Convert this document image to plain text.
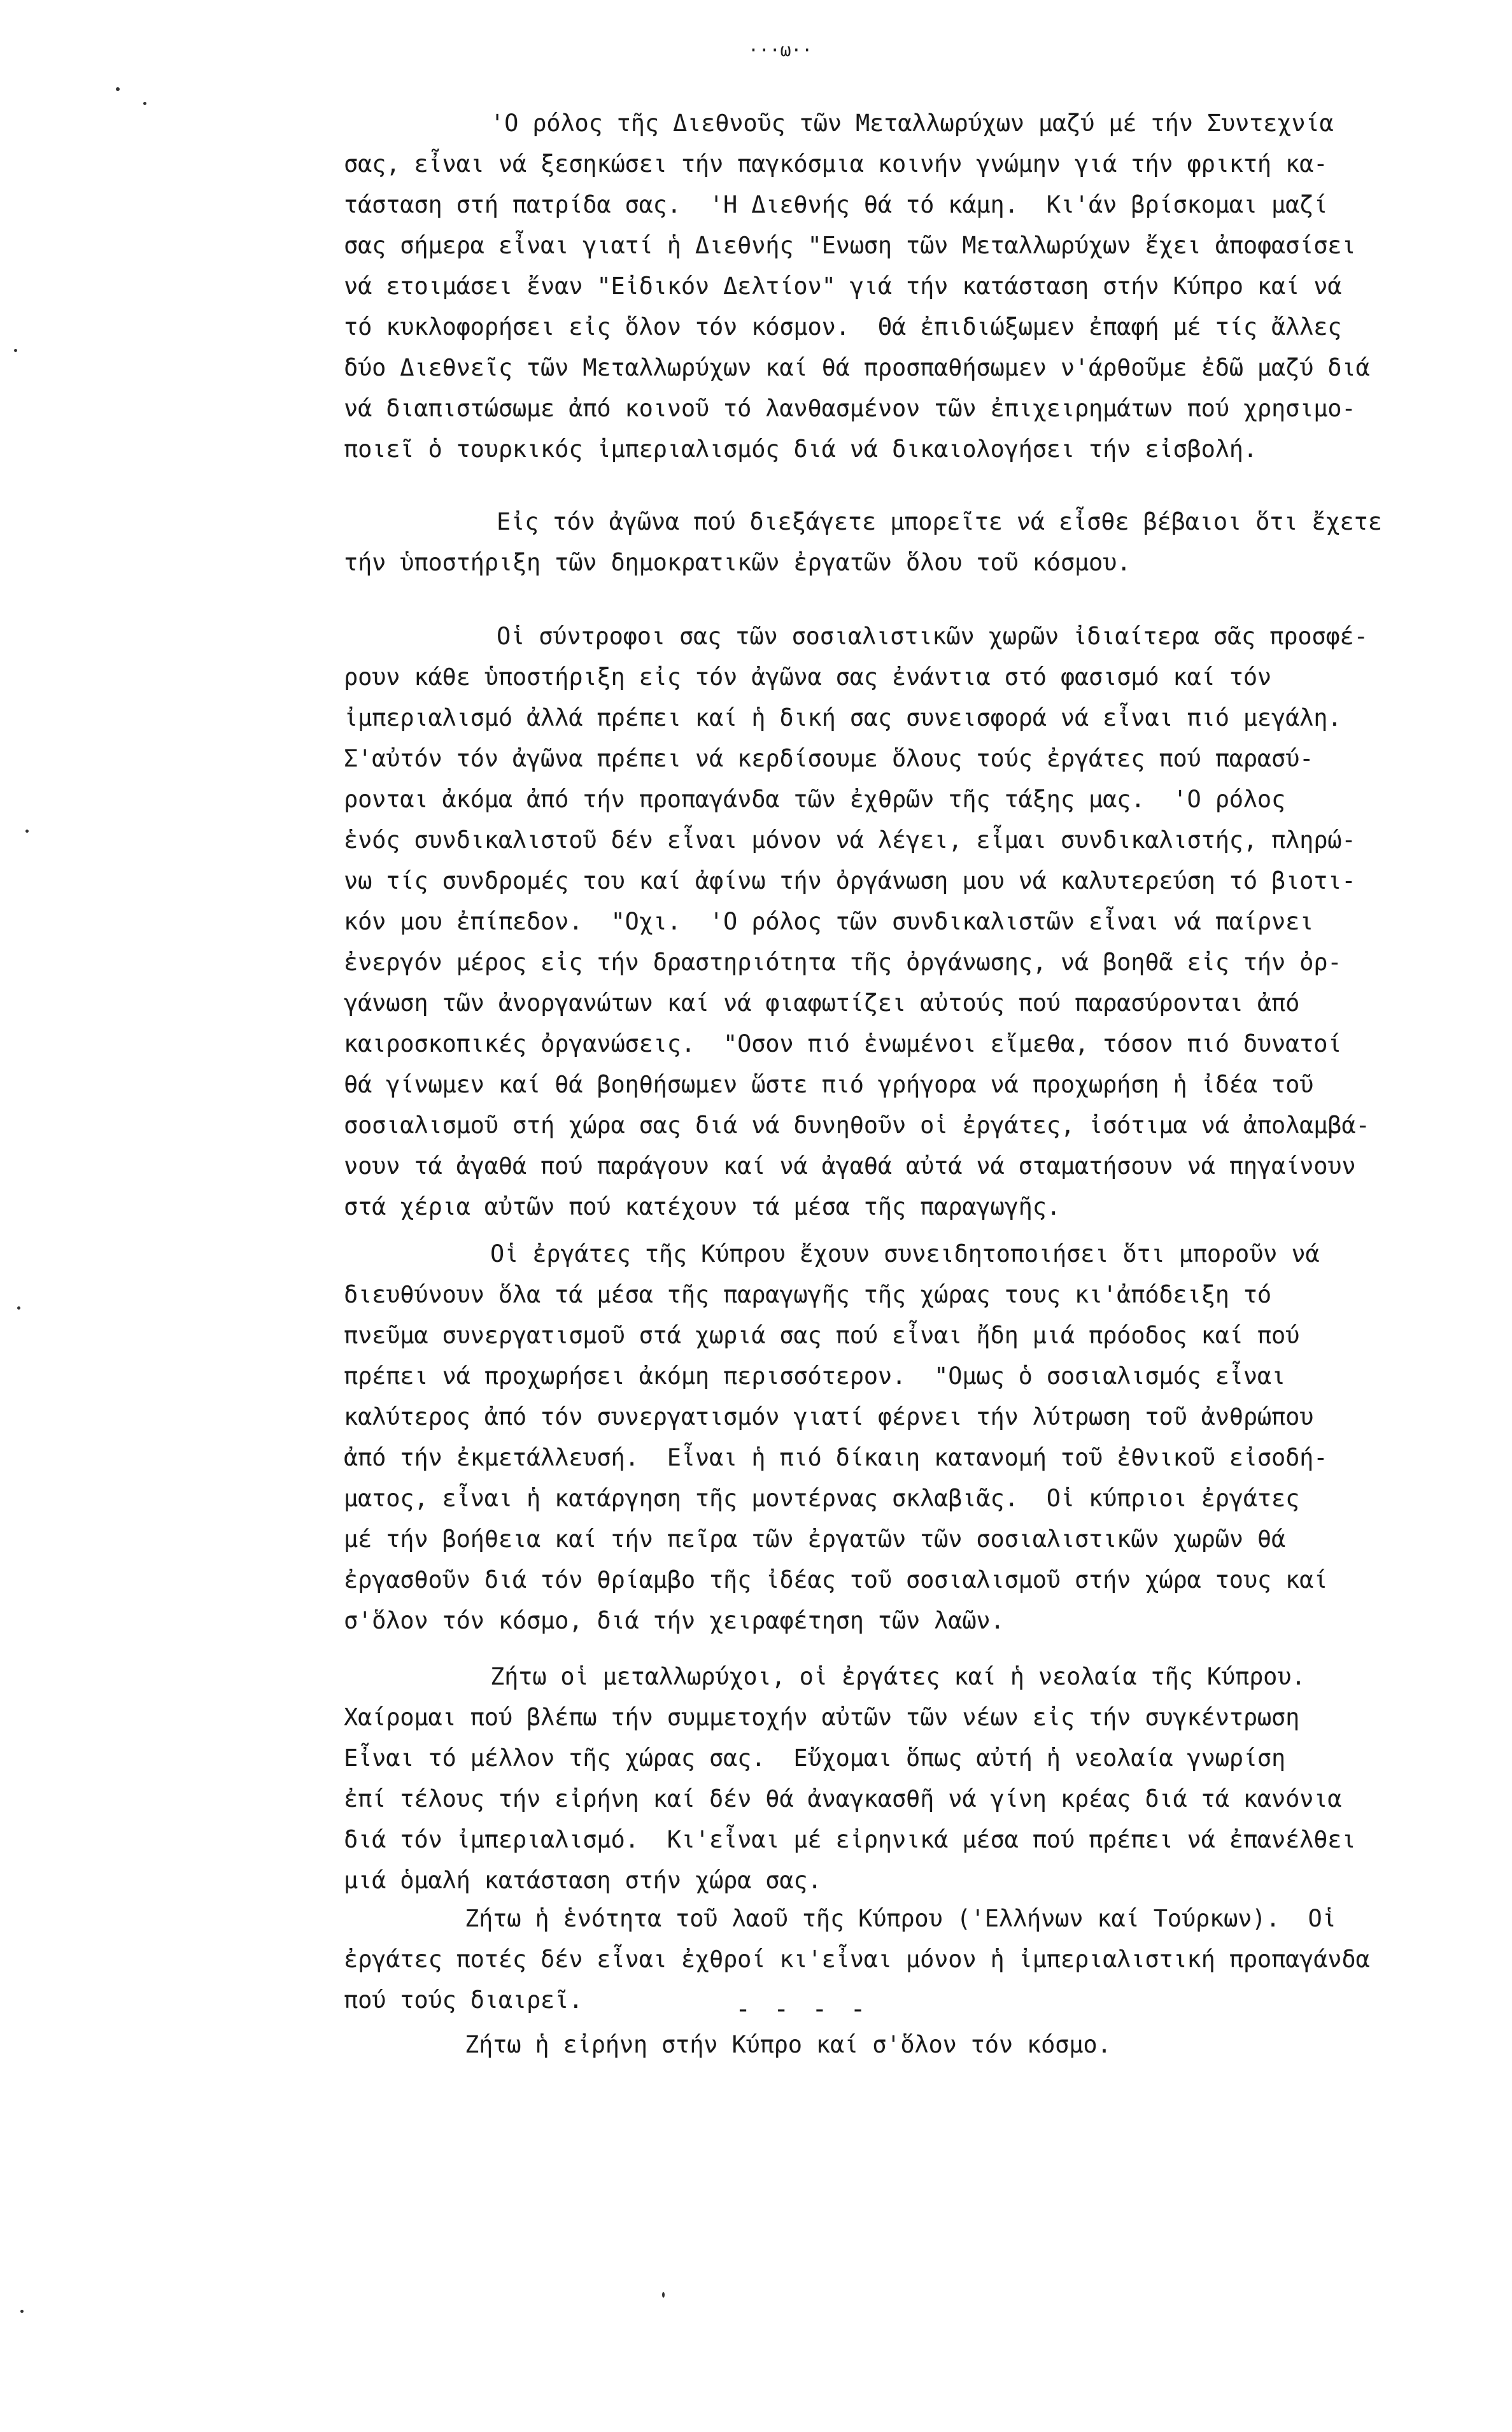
···ω··
'Ο ρόλος τῆς Διεθνοῦς τῶν Μεταλλωρύχων μαζύ μέ τήν Συντεχνία
σας, εἶναι νά ξεσηκώσει τήν παγκόσμια κοινήν γνώμην γιά τήν φρικτή κα-
τάσταση στή πατρίδα σας.  'Η Διεθνής θά τό κάμη.  Κι'άν βρίσκομαι μαζί
σας σήμερα εἶναι γιατί ἡ Διεθνής "Ενωση τῶν Μεταλλωρύχων ἔχει ἀποφασίσει
νά ετοιμάσει ἔναν "Εἰδικόν Δελτίον" γιά τήν κατάσταση στήν Κύπρο καί νά
τό κυκλοφορήσει εἰς ὅλον τόν κόσμον.  Θά ἐπιδιώξωμεν ἐπαφή μέ τίς ἄλλες
δύο Διεθνεῖς τῶν Μεταλλωρύχων καί θά προσπαθήσωμεν ν'άρθοῦμε ἐδῶ μαζύ διά
νά διαπιστώσωμε ἀπό κοινοῦ τό λανθασμένον τῶν ἐπιχειρημάτων πού χρησιμο-
ποιεῖ ὁ τουρκικός ἰμπεριαλισμός διά νά δικαιολογήσει τήν εἰσβολή.
Εἰς τόν ἀγῶνα πού διεξάγετε μπορεῖτε νά εἶσθε βέβαιοι ὅτι ἔχετε
τήν ὑποστήριξη τῶν δημοκρατικῶν ἐργατῶν ὅλου τοῦ κόσμου.
Οἱ σύντροφοι σας τῶν σοσιαλιστικῶν χωρῶν ἰδιαίτερα σᾶς προσφέ-
ρουν κάθε ὑποστήριξη εἰς τόν ἀγῶνα σας ἐνάντια στό φασισμό καί τόν
ἰμπεριαλισμό ἀλλά πρέπει καί ἡ δική σας συνεισφορά νά εἶναι πιό μεγάλη.
Σ'αὐτόν τόν ἀγῶνα πρέπει νά κερδίσουμε ὅλους τούς ἐργάτες πού παρασύ-
ρονται ἀκόμα ἀπό τήν προπαγάνδα τῶν ἐχθρῶν τῆς τάξης μας.  'Ο ρόλος
ἑνός συνδικαλιστοῦ δέν εἶναι μόνον νά λέγει, εἶμαι συνδικαλιστής, πληρώ-
νω τίς συνδρομές του καί ἀφίνω τήν ὀργάνωση μου νά καλυτερεύση τό βιοτι-
κόν μου ἐπίπεδον.  "Οχι.  'Ο ρόλος τῶν συνδικαλιστῶν εἶναι νά παίρνει
ἐνεργόν μέρος εἰς τήν δραστηριότητα τῆς ὀργάνωσης, νά βοηθᾶ εἰς τήν ὀρ-
γάνωση τῶν ἀνοργανώτων καί νά φιαφωτίζει αὐτούς πού παρασύρονται ἀπό
καιροσκοπικές ὀργανώσεις.  "Οσον πιό ἑνωμένοι εἴμεθα, τόσον πιό δυνατοί
θά γίνωμεν καί θά βοηθήσωμεν ὥστε πιό γρήγορα νά προχωρήση ἡ ἰδέα τοῦ
σοσιαλισμοῦ στή χώρα σας διά νά δυνηθοῦν οἱ ἐργάτες, ἰσότιμα νά ἀπολαμβά-
νουν τά ἀγαθά πού παράγουν καί νά ἀγαθά αὐτά νά σταματήσουν νά πηγαίνουν
στά χέρια αὐτῶν πού κατέχουν τά μέσα τῆς παραγωγῆς.
Οἱ ἐργάτες τῆς Κύπρου ἔχουν συνειδητοποιήσει ὅτι μποροῦν νά
διευθύνουν ὅλα τά μέσα τῆς παραγωγῆς τῆς χώρας τους κι'ἀπόδειξη τό
πνεῦμα συνεργατισμοῦ στά χωριά σας πού εἶναι ἤδη μιά πρόοδος καί πού
πρέπει νά προχωρήσει ἀκόμη περισσότερον.  "Ομως ὁ σοσιαλισμός εἶναι
καλύτερος ἀπό τόν συνεργατισμόν γιατί φέρνει τήν λύτρωση τοῦ ἀνθρώπου
ἀπό τήν ἐκμετάλλευσή.  Εἶναι ἡ πιό δίκαιη κατανομή τοῦ ἐθνικοῦ εἰσοδή-
ματος, εἶναι ἡ κατάργηση τῆς μοντέρνας σκλαβιᾶς.  Οἱ κύπριοι ἐργάτες
μέ τήν βοήθεια καί τήν πεῖρα τῶν ἐργατῶν τῶν σοσιαλιστικῶν χωρῶν θά
ἐργασθοῦν διά τόν θρίαμβο τῆς ἰδέας τοῦ σοσιαλισμοῦ στήν χώρα τους καί
σ'ὅλον τόν κόσμο, διά τήν χειραφέτηση τῶν λαῶν.
Ζήτω οἱ μεταλλωρύχοι, οἱ ἐργάτες καί ἡ νεολαία τῆς Κύπρου.
Χαίρομαι πού βλέπω τήν συμμετοχήν αὐτῶν τῶν νέων εἰς τήν συγκέντρωση
Εἶναι τό μέλλον τῆς χώρας σας.  Εὔχομαι ὅπως αὐτή ἡ νεολαία γνωρίση
ἐπί τέλους τήν εἰρήνη καί δέν θά ἀναγκασθῆ νά γίνη κρέας διά τά κανόνια
διά τόν ἰμπεριαλισμό.  Κι'εἶναι μέ εἰρηνικά μέσα πού πρέπει νά ἐπανέλθει
μιά ὁμαλή κατάσταση στήν χώρα σας.
Ζήτω ἡ ἑνότητα τοῦ λαοῦ τῆς Κύπρου ('Ελλήνων καί Τούρκων).  Οἱ
ἐργάτες ποτές δέν εἶναι ἐχθροί κι'εἶναι μόνον ἡ ἰμπεριαλιστική προπαγάνδα
πού τούς διαιρεῖ.
Ζήτω ἡ εἰρήνη στήν Κύπρο καί σ'ὅλον τόν κόσμο.
- - - -
